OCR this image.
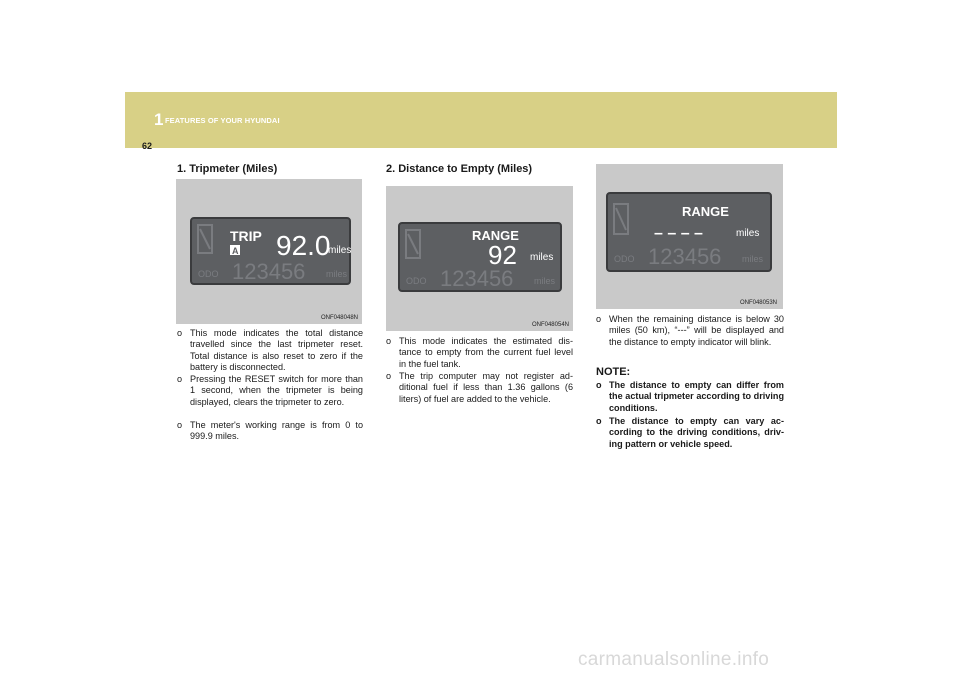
1 FEATURES OF YOUR HYUNDAI
62
1. Tripmeter (Miles)
TRIP
A 92.0
miles
ODO 123456 miles
ONF048048N
o This mode indicates the total distance travelled since the last tripmeter reset. Total distance is also reset to zero if the battery is disconnected.
o Pressing the RESET switch for more than 1 second, when the tripmeter is being displayed, clears the tripmeter to zero.
o The meter's working range is from 0 to 999.9 miles.
2. Distance to Empty (Miles)
RANGE
92 miles
ODO 123456 miles
ONF048054N
o This mode indicates the estimated dis-tance to empty from the current fuel level in the fuel tank.
o The trip computer may not register ad-ditional fuel if less than 1.36 gallons (6 liters) of fuel are added to the vehicle.
RANGE
– – – –	miles
ODO 123456 miles
ONF048053N
o When the remaining distance is below 30 miles (50 km), “---” will be displayed and the distance to empty indicator will blink.
NOTE:
o The distance to empty can differ from the actual tripmeter according to driving conditions.
o The distance to empty can vary ac-cording to the driving conditions, driv-ing pattern or vehicle speed.
carmanualsonline.info
